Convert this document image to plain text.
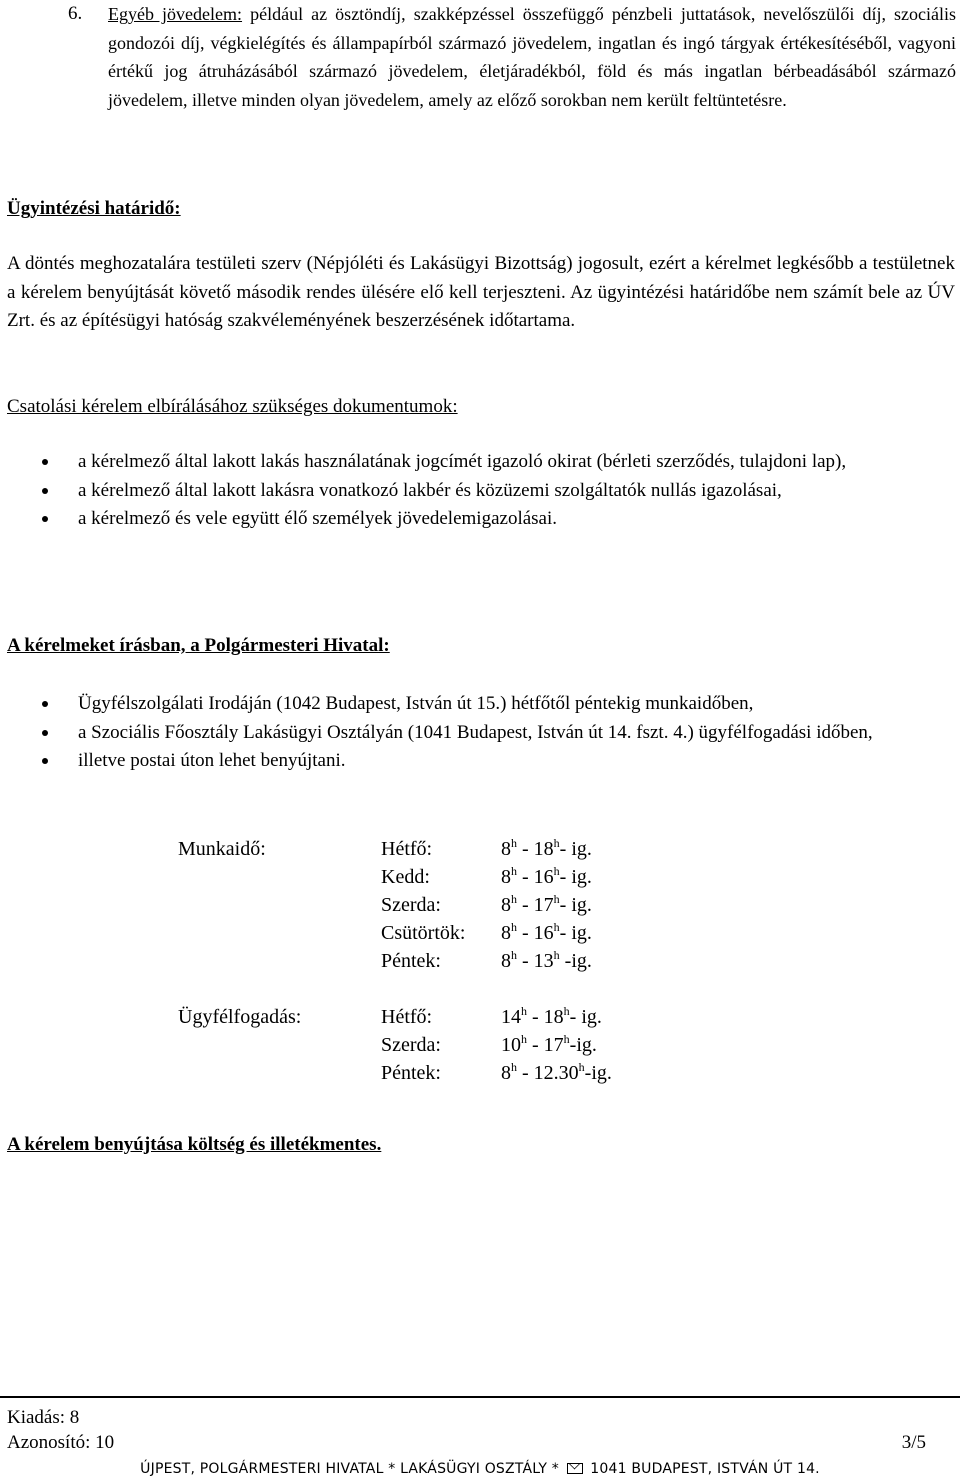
6. Egyéb jövedelem: például az ösztöndíj, szakképzéssel összefüggő pénzbeli juttatások, nevelőszülői díj, szociális gondozói díj, végkielégítés és állampapírból származó jövedelem, ingatlan és ingó tárgyak értékesítéséből, vagyoni értékű jog átruházásából származó jövedelem, életjáradékból, föld és más ingatlan bérbeadásából származó jövedelem, illetve minden olyan jövedelem, amely az előző sorokban nem került feltüntetésre.
Ügyintézési határidő:

A döntés meghozatalára testületi szerv (Népjóléti és Lakásügyi Bizottság) jogosult, ezért a kérelmet legkésőbb a testületnek a kérelem benyújtását követő második rendes ülésére elő kell terjeszteni. Az ügyintézési határidőbe nem számít bele az ÚV Zrt. és az építésügyi hatóság szakvéleményének beszerzésének időtartama.

Csatolási kérelem elbírálásához szükséges dokumentumok:
a kérelmező által lakott lakás használatának jogcímét igazoló okirat (bérleti szerződés, tulajdoni lap),
a kérelmező által lakott lakásra vonatkozó lakbér és közüzemi szolgáltatók nullás igazolásai,
a kérelmező és vele együtt élő személyek jövedelemigazolásai.
A kérelmeket írásban, a Polgármesteri Hivatal:
Ügyfélszolgálati Irodáján (1042 Budapest, István út 15.) hétfőtől péntekig munkaidőben,
a Szociális Főosztály Lakásügyi Osztályán (1041 Budapest, István út 14. fszt. 4.) ügyfélfogadási időben,
illetve postai úton lehet benyújtani.
Munkaidő:	Hétfő:	8$^h$ - 18$^h$- ig.
	Kedd:	8$^h$ - 16$^h$- ig.
	Szerda:	8$^h$ - 17$^h$- ig.
	Csütörtök:	8$^h$ - 16$^h$- ig.
	Péntek:	8$^h$ - 13$^h$ -ig.
Ügyfélfogadás:	Hétfő:	14$^h$ - 18$^h$- ig.
	Szerda:	10$^h$ - 17$^h$-ig.
	Péntek:	8$^h$ - 12.30$^h$-ig.
A kérelem benyújtása költség és illetékmentes.
Kiadás: 8
Azonosító: 10	3/5
ÚJPEST, POLGÁRMESTERI HIVATAL * LAKÁSÜGYI OSZTÁLY *  1041 BUDAPEST, ISTVÁN ÚT 14.
